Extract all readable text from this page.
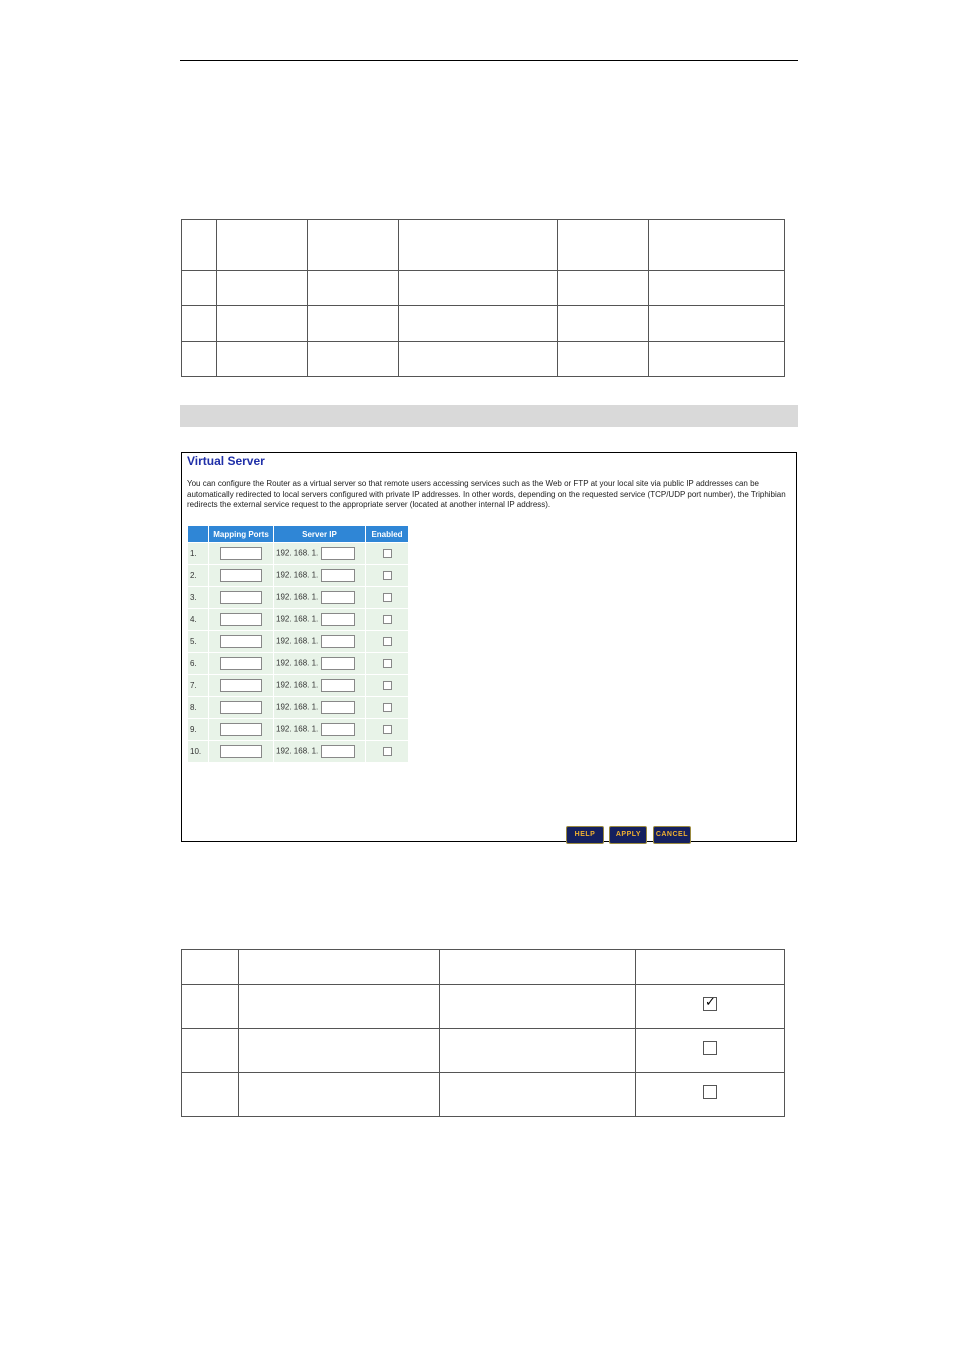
Virtual Server
You can configure the Router as a virtual server so that remote users accessing services such as the Web or FTP at your local site via public IP addresses can be automatically redirected to local servers configured with private IP addresses. In other words, depending on the requested service (TCP/UDP port number), the Triphibian redirects the external service request to the appropriate server (located at another internal IP address).
	Mapping Ports	Server IP	Enabled
1.		192. 168. 1.	
2.		192. 168. 1.	
3.		192. 168. 1.	
4.		192. 168. 1.	
5.		192. 168. 1.	
6.		192. 168. 1.	
7.		192. 168. 1.	
8.		192. 168. 1.	
9.		192. 168. 1.	
10.		192. 168. 1.	
HELP	APPLY CANCEL

			✓
